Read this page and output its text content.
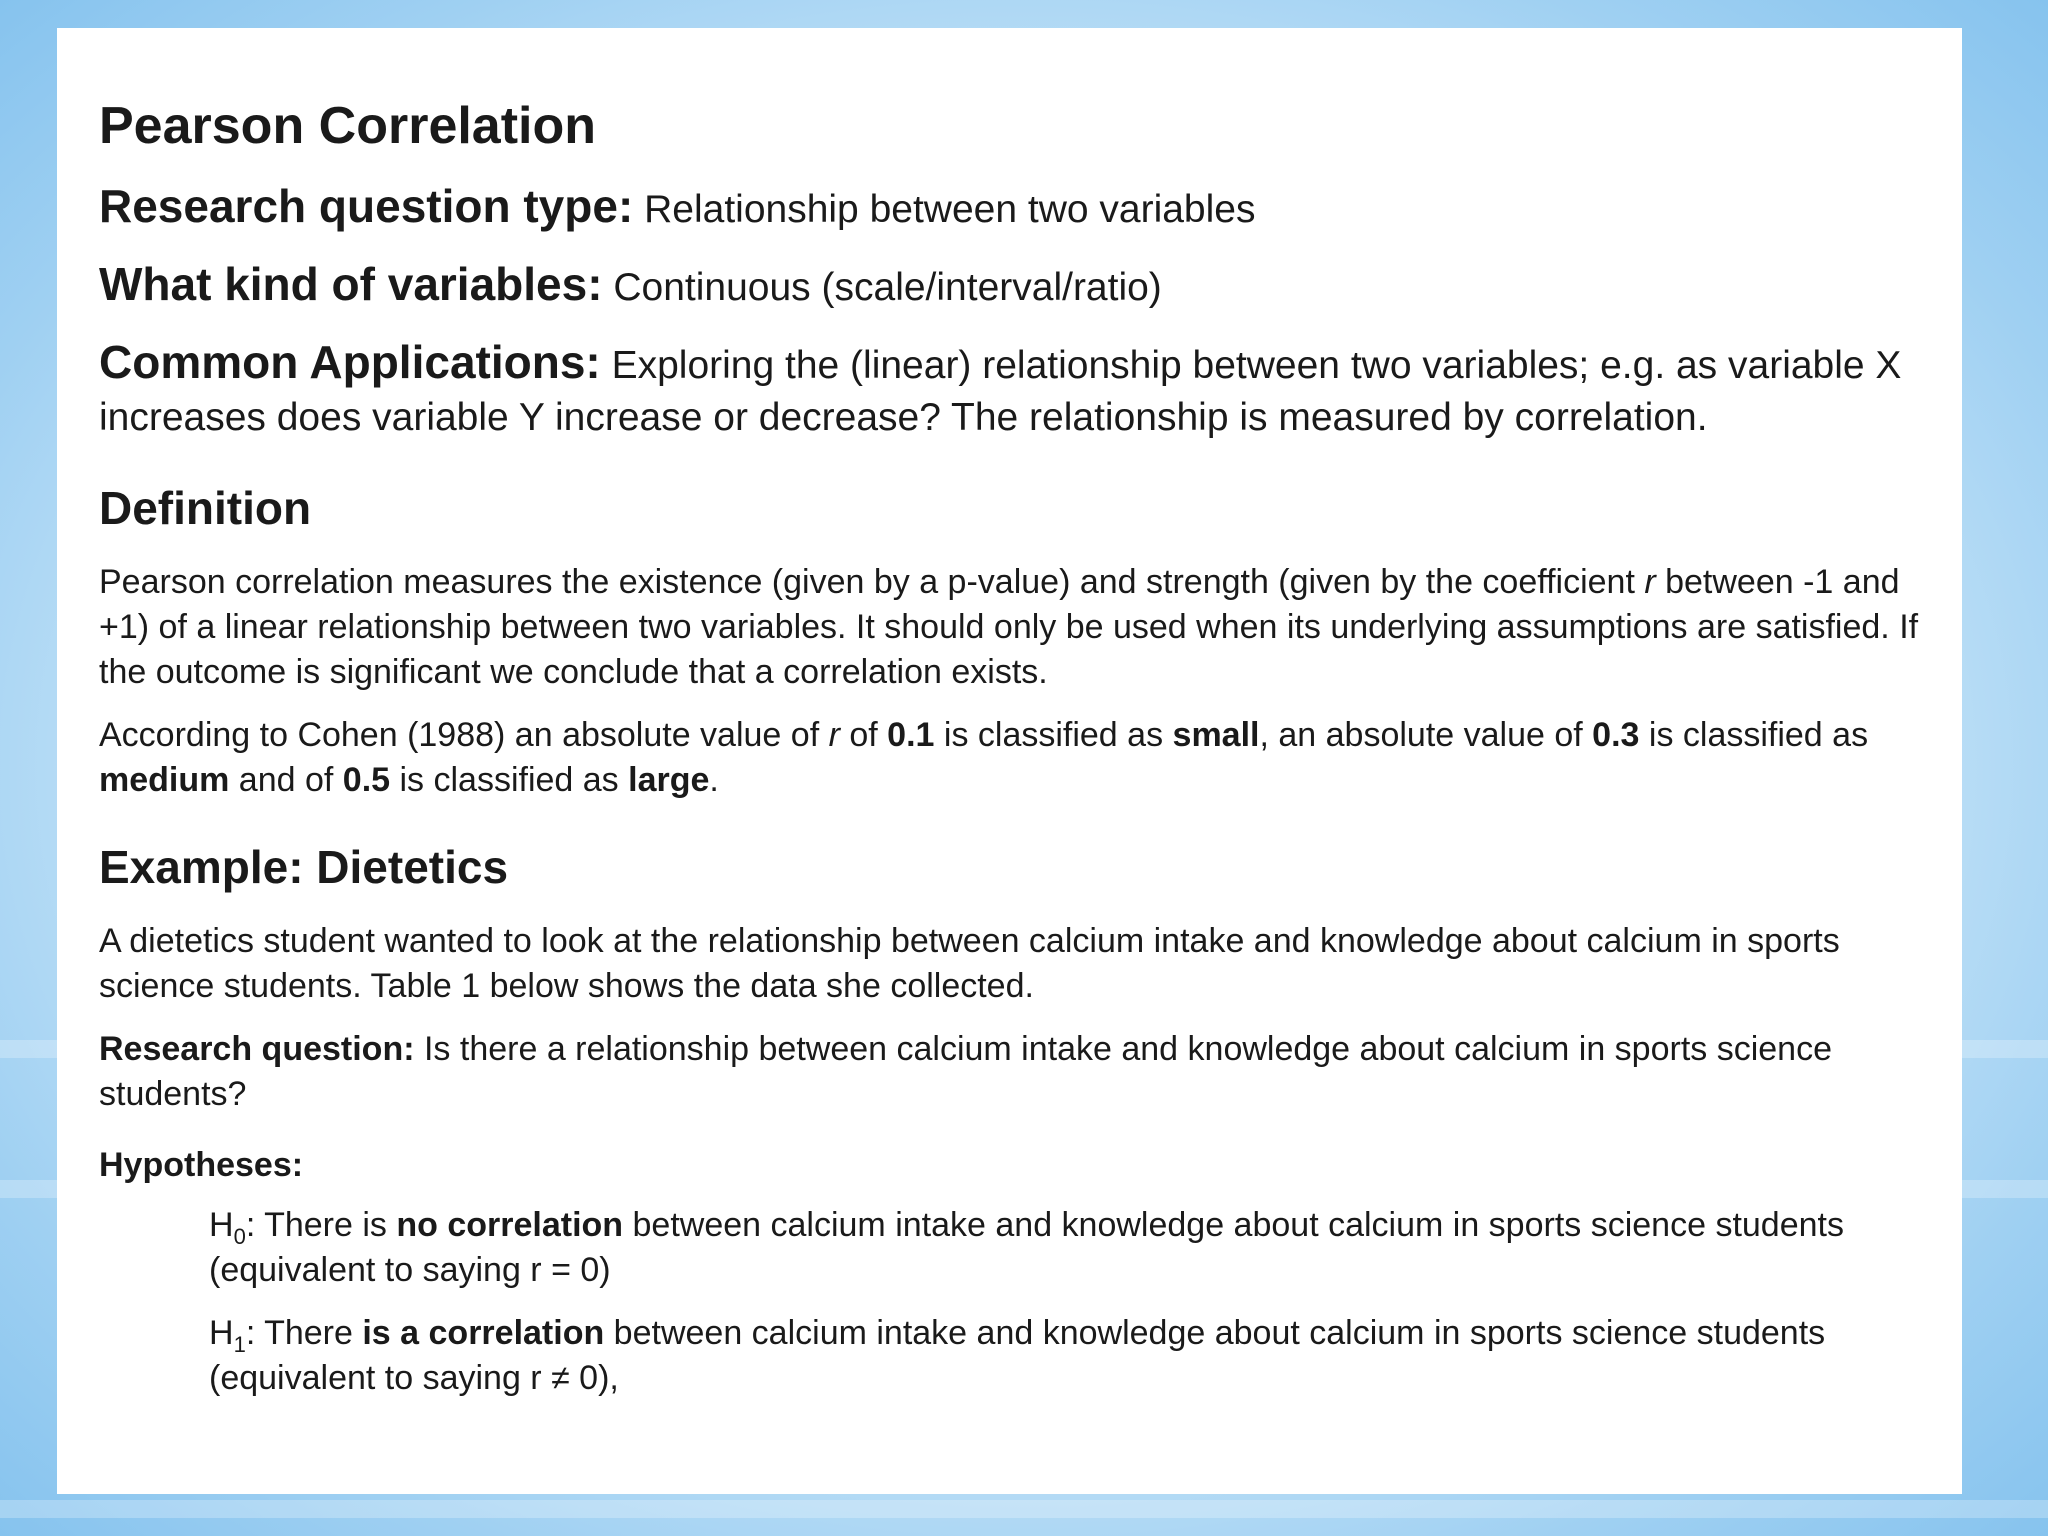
Pearson Correlation
Research question type: Relationship between two variables
What kind of variables: Continuous (scale/interval/ratio)
Common Applications: Exploring the (linear) relationship between two variables; e.g. as variable X increases does variable Y increase or decrease? The relationship is measured by correlation.
Definition
Pearson correlation measures the existence (given by a p-value) and strength (given by the coefficient r between -1 and +1) of a linear relationship between two variables. It should only be used when its underlying assumptions are satisfied. If the outcome is significant we conclude that a correlation exists.
According to Cohen (1988) an absolute value of r of 0.1 is classified as small, an absolute value of 0.3 is classified as medium and of 0.5 is classified as large.
Example: Dietetics
A dietetics student wanted to look at the relationship between calcium intake and knowledge about calcium in sports science students. Table 1 below shows the data she collected.
Research question: Is there a relationship between calcium intake and knowledge about calcium in sports science students?
Hypotheses:
$H_0$: There is no correlation between calcium intake and knowledge about calcium in sports science students (equivalent to saying r = 0)
$H_1$: There is a correlation between calcium intake and knowledge about calcium in sports science students (equivalent to saying r ≠ 0),
